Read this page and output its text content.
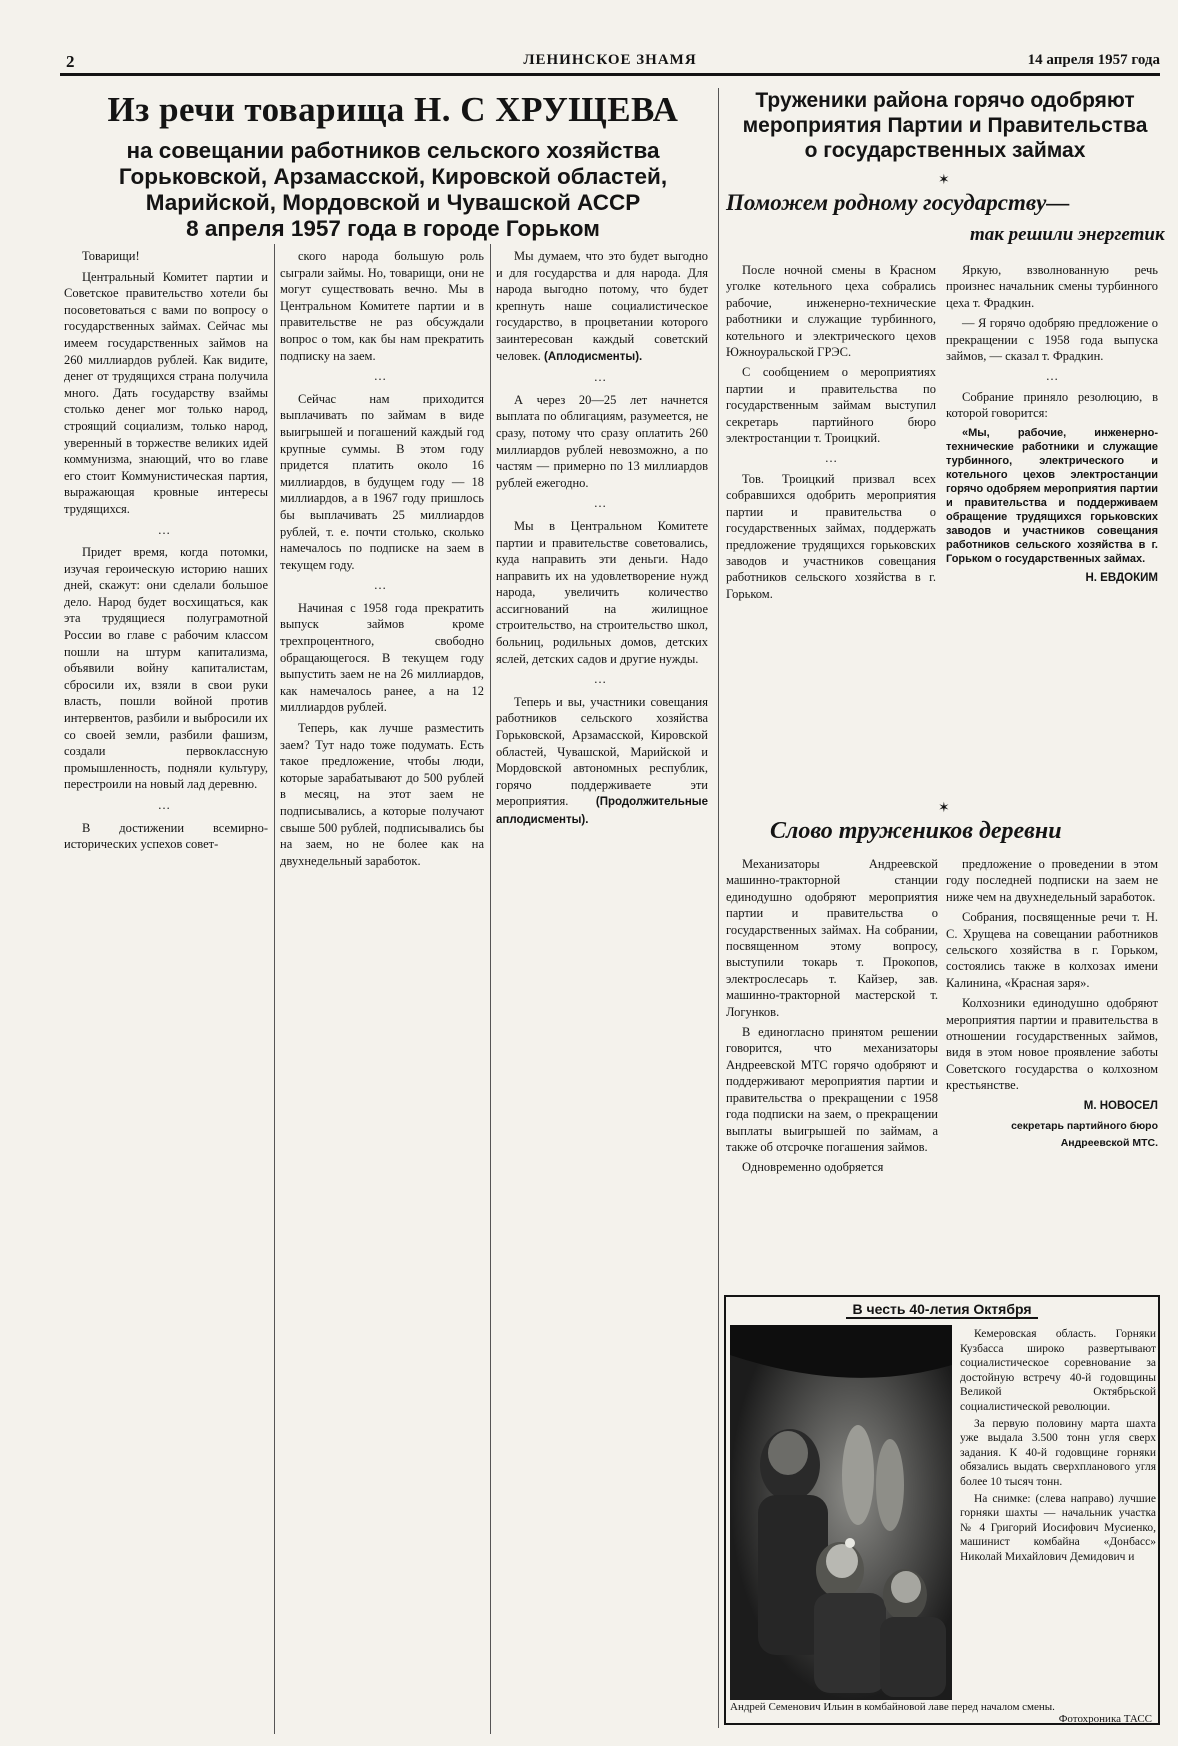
2	ЛЕНИНСКОЕ ЗНАМЯ	14 апреля 1957 года
Из речи товарища Н. С ХРУЩЕВА
на совещании работников сельского хозяйства
Горьковской, Арзамасской, Кировской областей,
Марийской, Мордовской и Чувашской АССР
8 апреля 1957 года в городе Горьком

Товарищи!

Центральный Комитет партии и Советское правительство хотели бы посоветоваться с вами по вопросу о государственных займах. Сейчас мы имеем государственных займов на 260 миллиардов рублей. Как видите, денег от трудящихся страна получила много. Дать государству взаймы столько денег мог только народ, строящий социализм, только народ, уверенный в торжестве великих идей коммунизма, знающий, что во главе его стоит Коммунистическая партия, выражающая кровные интересы трудящихся.

…

Придет время, когда потомки, изучая героическую историю наших дней, скажут: они сделали большое дело. Народ будет восхищаться, как эта трудящиеся полуграмотной России во главе с рабочим классом пошли на штурм капитализма, объявили войну капиталистам, сбросили их, взяли в свои руки власть, пошли войной против интервентов, разбили и выбросили их со своей земли, разбили фашизм, создали первоклассную промышленность, подняли культуру, перестроили на новый лад деревню.

…

В достижении всемирно-исторических успехов совет-

ского народа большую роль сыграли займы. Но, товарищи, они не могут существовать вечно. Мы в Центральном Комитете партии и в правительстве не раз обсуждали вопрос о том, как бы нам прекратить подписку на заем.

…

Сейчас нам приходится выплачивать по займам в виде выигрышей и погашений каждый год крупные суммы. В этом году придется платить около 16 миллиардов, в будущем году — 18 миллиардов, а в 1967 году пришлось бы выплачивать 25 миллиардов рублей, т. е. почти столько, сколько намечалось по подписке на заем в текущем году.

…

Начиная с 1958 года прекратить выпуск займов кроме трехпроцентного, свободно обращающегося. В текущем году выпустить заем не на 26 миллиардов, как намечалось ранее, а на 12 миллиардов рублей.

Теперь, как лучше разместить заем? Тут надо тоже подумать. Есть такое предложение, чтобы люди, которые зарабатывают до 500 рублей в месяц, на этот заем не подписывались, а которые получают свыше 500 рублей, подписывались бы на заем, но не более как на двухнедельный заработок.

Мы думаем, что это будет выгодно и для государства и для народа. Для народа выгодно потому, что будет крепнуть наше социалистическое государство, в процветании которого заинтересован каждый советский человек. (Аплодисменты).

…

А через 20—25 лет начнется выплата по облигациям, разумеется, не сразу, потому что сразу оплатить 260 миллиардов рублей невозможно, а по частям — примерно по 13 миллиардов рублей ежегодно.

…

Мы в Центральном Комитете партии и правительстве советовались, куда направить эти деньги. Надо направить их на удовлетворение нужд народа, увеличить количество ассигнований на жилищное строительство, на строительство школ, больниц, родильных домов, детских яслей, детских садов и другие нужды.

…

Теперь и вы, участники совещания работников сельского хозяйства Горьковской, Арзамасской, Кировской областей, Чувашской, Марийской и Мордовской автономных республик, горячо поддерживаете эти мероприятия. (Продолжительные аплодисменты).

Труженики района горячо одобряют
мероприятия Партии и Правительства
о государственных займах
✶
Поможем родному государству—
так решили энергетик

После ночной смены в Красном уголке котельного цеха собрались рабочие, инженерно-технические работники и служащие турбинного, котельного и электрического цехов Южноуральской ГРЭС.

С сообщением о мероприятиях партии и правительства по государственным займам выступил секретарь партийного бюро электростанции т. Троицкий.

…

Тов. Троицкий призвал всех собравшихся одобрить мероприятия партии и правительства о государственных займах, поддержать предложение трудящихся горьковских заводов и участников совещания работников сельского хозяйства в г. Горьком.

Яркую, взволнованную речь произнес начальник смены турбинного цеха т. Фрадкин.

— Я горячо одобряю предложение о прекращении с 1958 года выпуска займов, — сказал т. Фрадкин.

…

Собрание приняло резолюцию, в которой говорится:

«Мы, рабочие, инженерно-технические работники и служащие турбинного, электрического и котельного цехов электростанции горячо одобряем мероприятия партии и правительства и поддерживаем обращение трудящихся горьковских заводов и участников совещания работников сельского хозяйства в г. Горьком о государственных займах.

Н. ЕВДОКИМ

✶
Слово тружеников деревни

Механизаторы Андреевской машинно-тракторной станции единодушно одобряют мероприятия партии и правительства о государственных займах. На собрании, посвященном этому вопросу, выступили токарь т. Прокопов, электрослесарь т. Кайзер, зав. машинно-тракторной мастерской т. Логунков.

В единогласно принятом решении говорится, что механизаторы Андреевской МТС горячо одобряют и поддерживают мероприятия партии и правительства о прекращении с 1958 года подписки на заем, о прекращении выплаты выигрышей по займам, а также об отсрочке погашения займов.

Одновременно одобряется

предложение о проведении в этом году последней подписки на заем не ниже чем на двухнедельный заработок.

Собрания, посвященные речи т. Н. С. Хрущева на совещании работников сельского хозяйства в г. Горьком, состоялись также в колхозах имени Калинина, «Красная заря».

Колхозники единодушно одобряют мероприятия партии и правительства в отношении государственных займов, видя в этом новое проявление заботы Советского государства о колхозном крестьянстве.

М. НОВОСЕЛ

секретарь партийного бюро Андреевской МТС.

В честь 40-летия Октября

Кемеровская область. Горняки Кузбасса широко развертывают социалистическое соревнование за достойную встречу 40-й годовщины Великой Октябрьской социалистической революции.

За первую половину марта шахта уже выдала 3.500 тонн угля сверх задания. К 40-й годовщине горняки обязались выдать сверхпланового угля более 10 тысяч тонн.

На снимке: (слева направо) лучшие горняки шахты — начальник участка № 4 Григорий Иосифович Мусиенко, машинист комбайна «Донбасс» Николай Михайлович Демидович и

Андрей Семенович Ильин в комбайновой лаве перед началом смены.
Фотохроника ТАСС
